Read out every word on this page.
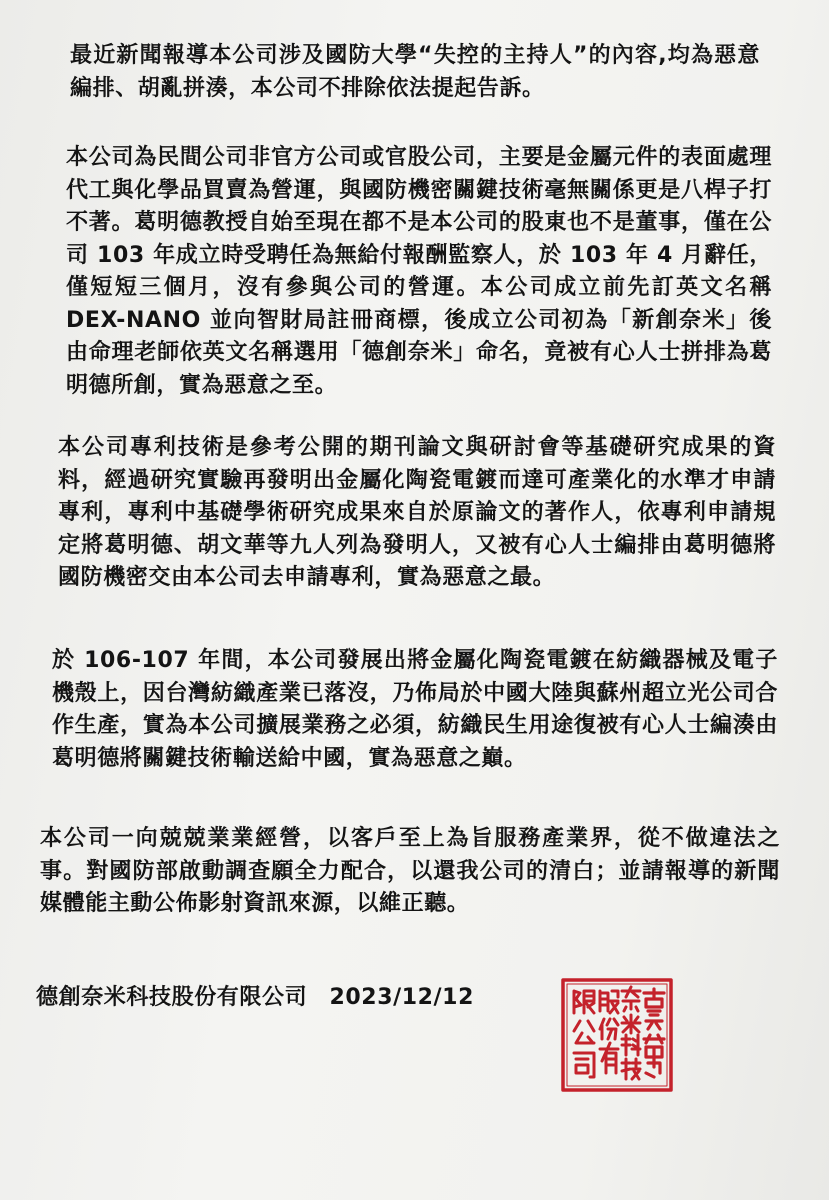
最近新聞報導本公司涉及國防大學“失控的主持人”的內容,均為惡意編排、胡亂拼湊，本公司不排除依法提起告訴。

本公司為民間公司非官方公司或官股公司，主要是金屬元件的表面處理代工與化學品買賣為營運，與國防機密關鍵技術毫無關係更是八桿子打不著。葛明德教授自始至現在都不是本公司的股東也不是董事，僅在公司 103 年成立時受聘任為無給付報酬監察人，於 103 年 4 月辭任，僅短短三個月，沒有參與公司的營運。本公司成立前先訂英文名稱 DEX-NANO 並向智財局註冊商標，後成立公司初為「新創奈米」後由命理老師依英文名稱選用「德創奈米」命名，竟被有心人士拼排為葛明德所創，實為惡意之至。

本公司專利技術是參考公開的期刊論文與研討會等基礎研究成果的資料，經過研究實驗再發明出金屬化陶瓷電鍍而達可產業化的水準才申請專利，專利中基礎學術研究成果來自於原論文的著作人，依專利申請規定將葛明德、胡文華等九人列為發明人，又被有心人士編排由葛明德將國防機密交由本公司去申請專利，實為惡意之最。

於 106-107 年間，本公司發展出將金屬化陶瓷電鍍在紡織器械及電子機殼上，因台灣紡織產業已落沒，乃佈局於中國大陸與蘇州超立光公司合作生產，實為本公司擴展業務之必須，紡織民生用途復被有心人士編湊由葛明德將關鍵技術輸送給中國，實為惡意之巔。

本公司一向兢兢業業經營，以客戶至上為旨服務產業界，從不做違法之事。對國防部啟動調查願全力配合，以還我公司的清白；並請報導的新聞媒體能主動公佈影射資訊來源，以維正聽。

德創奈米科技股份有限公司 2023/12/12
